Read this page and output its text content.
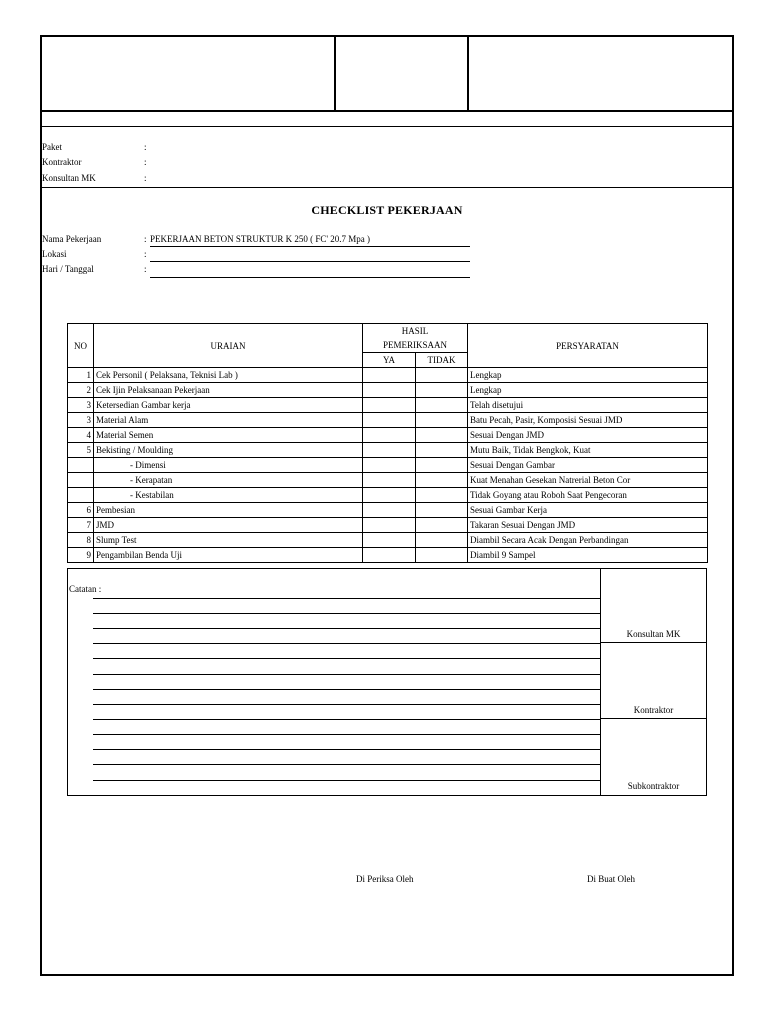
Paket	:
Kontraktor	:
Konsultan MK	:
CHECKLIST PEKERJAAN
Nama Pekerjaan	: PEKERJAAN BETON STRUKTUR K 250 ( FC' 20.7 Mpa )
Lokasi	:
Hari / Tanggal	:
NO	URAIAN	HASIL		PERSYARATAN
		PEMERIKSAAN		
		YA	TIDAK	
1	Cek Personil ( Pelaksana, Teknisi Lab )			Lengkap
2	Cek Ijin Pelaksanaan Pekerjaan			Lengkap
3	Ketersedian Gambar kerja			Telah disetujui
3	Material Alam			Batu Pecah, Pasir, Komposisi Sesuai JMD
4	Material Semen			Sesuai Dengan JMD
5	Bekisting / Moulding			Mutu Baik, Tidak Bengkok, Kuat
	- Dimensi			Sesuai Dengan Gambar
	- Kerapatan			Kuat Menahan Gesekan Natrerial Beton Cor
	- Kestabilan			Tidak Goyang atau Roboh Saat Pengecoran
6	Pembesian			Sesuai Gambar Kerja
7	JMD			Takaran Sesuai Dengan JMD
8	Slump Test			Diambil Secara Acak Dengan Perbandingan
9	Pengambilan Benda Uji			Diambil 9 Sampel
Catatan :
Konsultan MK
Kontraktor
Subkontraktor
Di Periksa Oleh	Di Buat Oleh
